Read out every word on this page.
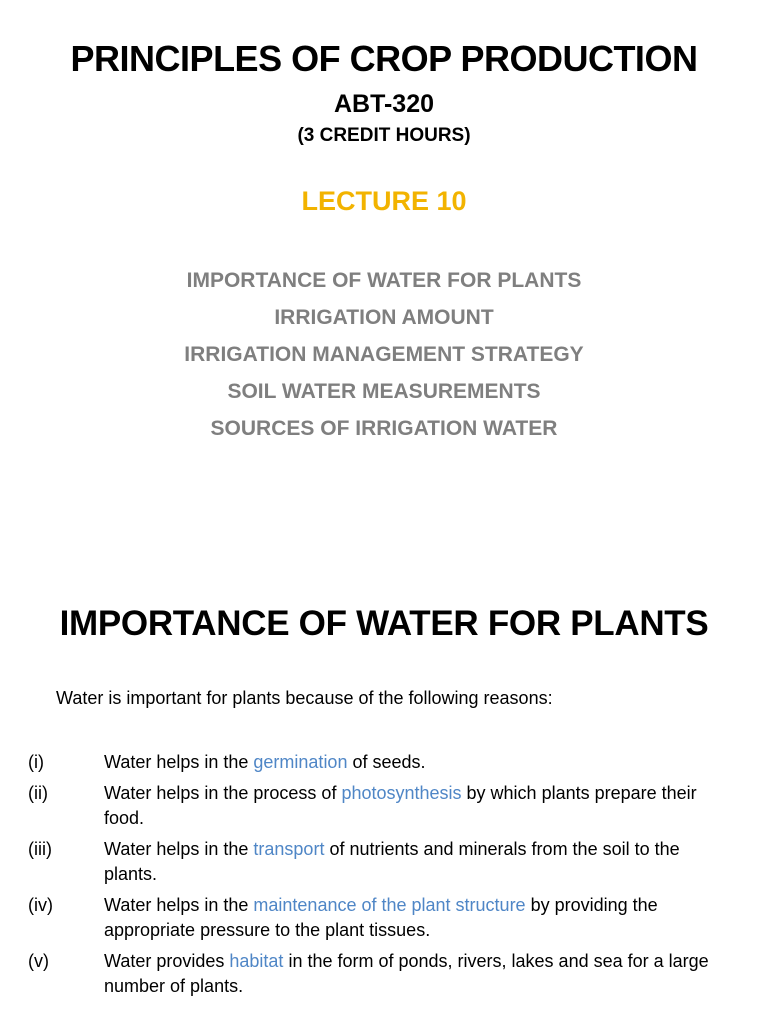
PRINCIPLES OF CROP PRODUCTION
ABT-320
(3 CREDIT HOURS)
LECTURE 10
IMPORTANCE OF WATER FOR PLANTS
IRRIGATION AMOUNT
IRRIGATION MANAGEMENT STRATEGY
SOIL WATER MEASUREMENTS
SOURCES OF IRRIGATION WATER
IMPORTANCE OF WATER FOR PLANTS
Water is important for plants because of the following reasons:
(i)	Water helps in the germination of seeds.
(ii)	Water helps in the process of photosynthesis by which plants prepare their food.
(iii)	Water helps in the transport of nutrients and minerals from the soil to the plants.
(iv)	Water helps in the maintenance of the plant structure by providing the appropriate pressure to the plant tissues.
(v)	Water provides habitat in the form of ponds, rivers, lakes and sea for a large number of plants.
